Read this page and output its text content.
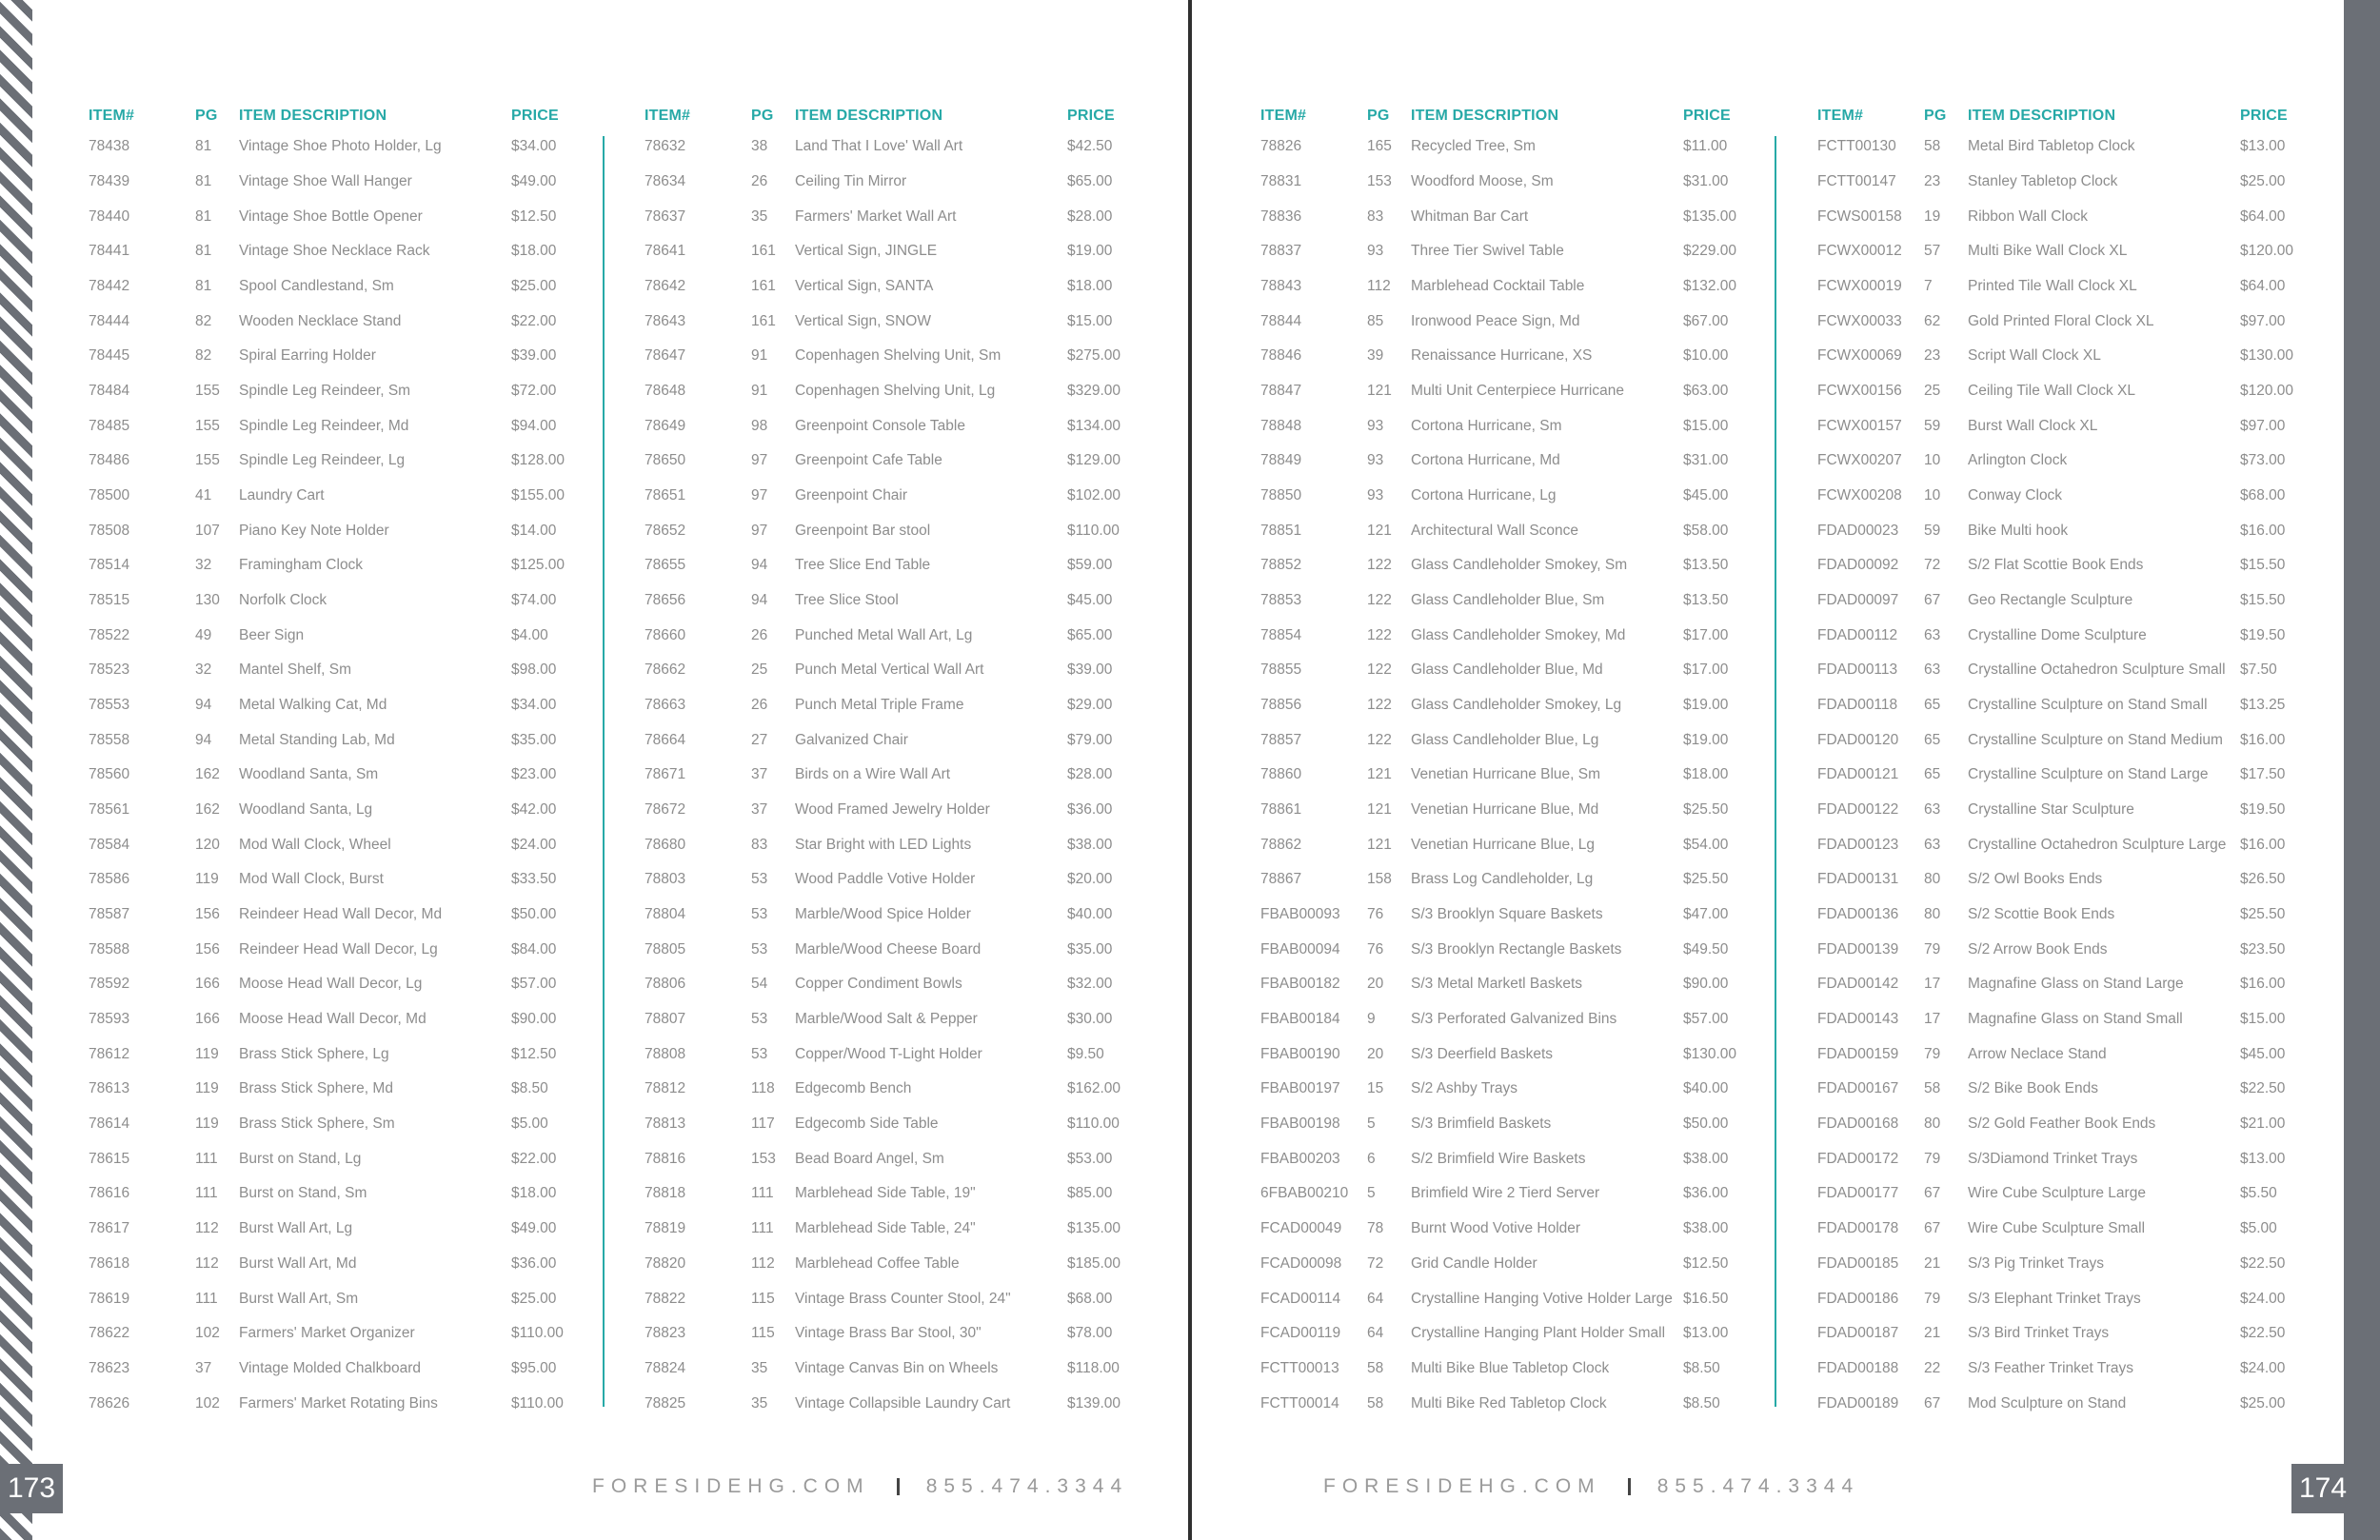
ITEM#	PG	ITEM DESCRIPTION	PRICE
78438	81	Vintage Shoe Photo Holder, Lg	$34.00
78439	81	Vintage Shoe Wall Hanger	$49.00
78440	81	Vintage Shoe Bottle Opener	$12.50
78441	81	Vintage Shoe Necklace Rack	$18.00
78442	81	Spool Candlestand, Sm	$25.00
78444	82	Wooden Necklace Stand	$22.00
78445	82	Spiral Earring Holder	$39.00
78484	155	Spindle Leg Reindeer, Sm	$72.00
78485	155	Spindle Leg Reindeer, Md	$94.00
78486	155	Spindle Leg Reindeer, Lg	$128.00
78500	41	Laundry Cart	$155.00
78508	107	Piano Key Note Holder	$14.00
78514	32	Framingham Clock	$125.00
78515	130	Norfolk Clock	$74.00
78522	49	Beer Sign	$4.00
78523	32	Mantel Shelf, Sm	$98.00
78553	94	Metal Walking Cat, Md	$34.00
78558	94	Metal Standing Lab, Md	$35.00
78560	162	Woodland Santa, Sm	$23.00
78561	162	Woodland Santa, Lg	$42.00
78584	120	Mod Wall Clock, Wheel	$24.00
78586	119	Mod Wall Clock, Burst	$33.50
78587	156	Reindeer Head Wall Decor, Md	$50.00
78588	156	Reindeer Head Wall Decor, Lg	$84.00
78592	166	Moose Head Wall Decor, Lg	$57.00
78593	166	Moose Head Wall Decor, Md	$90.00
78612	119	Brass Stick Sphere, Lg	$12.50
78613	119	Brass Stick Sphere, Md	$8.50
78614	119	Brass Stick Sphere, Sm	$5.00
78615	111	Burst on Stand, Lg	$22.00
78616	111	Burst on Stand, Sm	$18.00
78617	112	Burst Wall Art, Lg	$49.00
78618	112	Burst Wall Art, Md	$36.00
78619	111	Burst Wall Art, Sm	$25.00
78622	102	Farmers' Market Organizer	$110.00
78623	37	Vintage Molded Chalkboard	$95.00
78626	102	Farmers' Market Rotating Bins	$110.00
ITEM#	PG	ITEM DESCRIPTION	PRICE
78632	38	Land That I Love' Wall Art	$42.50
78634	26	Ceiling Tin Mirror	$65.00
78637	35	Farmers' Market Wall Art	$28.00
78641	161	Vertical Sign, JINGLE	$19.00
78642	161	Vertical Sign, SANTA	$18.00
78643	161	Vertical Sign, SNOW	$15.00
78647	91	Copenhagen Shelving Unit, Sm	$275.00
78648	91	Copenhagen Shelving Unit, Lg	$329.00
78649	98	Greenpoint Console Table	$134.00
78650	97	Greenpoint Cafe Table	$129.00
78651	97	Greenpoint Chair	$102.00
78652	97	Greenpoint Bar stool	$110.00
78655	94	Tree Slice End Table	$59.00
78656	94	Tree Slice Stool	$45.00
78660	26	Punched Metal Wall Art, Lg	$65.00
78662	25	Punch Metal Vertical Wall Art	$39.00
78663	26	Punch Metal Triple Frame	$29.00
78664	27	Galvanized Chair	$79.00
78671	37	Birds on a Wire Wall Art	$28.00
78672	37	Wood Framed Jewelry Holder	$36.00
78680	83	Star Bright with LED Lights	$38.00
78803	53	Wood Paddle Votive Holder	$20.00
78804	53	Marble/Wood Spice Holder	$40.00
78805	53	Marble/Wood Cheese Board	$35.00
78806	54	Copper Condiment Bowls	$32.00
78807	53	Marble/Wood Salt & Pepper	$30.00
78808	53	Copper/Wood T-Light Holder	$9.50
78812	118	Edgecomb Bench	$162.00
78813	117	Edgecomb Side Table	$110.00
78816	153	Bead Board Angel, Sm	$53.00
78818	111	Marblehead Side Table, 19"	$85.00
78819	111	Marblehead Side Table, 24"	$135.00
78820	112	Marblehead Coffee Table	$185.00
78822	115	Vintage Brass Counter Stool, 24"	$68.00
78823	115	Vintage Brass Bar Stool, 30"	$78.00
78824	35	Vintage Canvas Bin on Wheels	$118.00
78825	35	Vintage Collapsible Laundry Cart	$139.00
173	FORESIDEHG.COM	855.474.3344
ITEM#	PG	ITEM DESCRIPTION	PRICE
78826	165	Recycled Tree, Sm	$11.00
78831	153	Woodford Moose, Sm	$31.00
78836	83	Whitman Bar Cart	$135.00
78837	93	Three Tier Swivel Table	$229.00
78843	112	Marblehead Cocktail Table	$132.00
78844	85	Ironwood Peace Sign, Md	$67.00
78846	39	Renaissance Hurricane, XS	$10.00
78847	121	Multi Unit Centerpiece Hurricane	$63.00
78848	93	Cortona Hurricane, Sm	$15.00
78849	93	Cortona Hurricane, Md	$31.00
78850	93	Cortona Hurricane, Lg	$45.00
78851	121	Architectural Wall Sconce	$58.00
78852	122	Glass Candleholder Smokey, Sm	$13.50
78853	122	Glass Candleholder Blue, Sm	$13.50
78854	122	Glass Candleholder Smokey, Md	$17.00
78855	122	Glass Candleholder Blue, Md	$17.00
78856	122	Glass Candleholder Smokey, Lg	$19.00
78857	122	Glass Candleholder Blue, Lg	$19.00
78860	121	Venetian Hurricane Blue, Sm	$18.00
78861	121	Venetian Hurricane Blue, Md	$25.50
78862	121	Venetian Hurricane Blue, Lg	$54.00
78867	158	Brass Log Candleholder, Lg	$25.50
FBAB00093	76	S/3 Brooklyn Square Baskets	$47.00
FBAB00094	76	S/3 Brooklyn Rectangle Baskets	$49.50
FBAB00182	20	S/3 Metal Marketl Baskets	$90.00
FBAB00184	9	S/3 Perforated Galvanized Bins	$57.00
FBAB00190	20	S/3 Deerfield Baskets	$130.00
FBAB00197	15	S/2 Ashby Trays	$40.00
FBAB00198	5	S/3 Brimfield Baskets	$50.00
FBAB00203	6	S/2 Brimfield Wire Baskets	$38.00
6FBAB00210	5	Brimfield Wire 2 Tierd Server	$36.00
FCAD00049	78	Burnt Wood Votive Holder	$38.00
FCAD00098	72	Grid Candle Holder	$12.50
FCAD00114	64	Crystalline Hanging Votive Holder Large $16.50
FCAD00119	64	Crystalline Hanging Plant Holder Small	$13.00
FCTT00013	58	Multi Bike Blue Tabletop Clock	$8.50
FCTT00014	58	Multi Bike Red Tabletop Clock	$8.50
ITEM#	PG	ITEM DESCRIPTION	PRICE
FCTT00130	58	Metal Bird Tabletop Clock	$13.00
FCTT00147	23	Stanley Tabletop Clock	$25.00
FCWS00158	19	Ribbon Wall Clock	$64.00
FCWX00012	57	Multi Bike Wall Clock XL	$120.00
FCWX00019	7	Printed Tile Wall Clock XL	$64.00
FCWX00033	62	Gold Printed Floral Clock XL	$97.00
FCWX00069	23	Script Wall Clock XL	$130.00
FCWX00156	25	Ceiling Tile Wall Clock XL	$120.00
FCWX00157	59	Burst Wall Clock XL	$97.00
FCWX00207	10	Arlington Clock	$73.00
FCWX00208	10	Conway Clock	$68.00
FDAD00023	59	Bike Multi hook	$16.00
FDAD00092	72	S/2 Flat Scottie Book Ends	$15.50
FDAD00097	67	Geo Rectangle Sculpture	$15.50
FDAD00112	63	Crystalline Dome Sculpture	$19.50
FDAD00113	63	Crystalline Octahedron Sculpture Small $7.50
FDAD00118	65	Crystalline Sculpture on Stand Small	$13.25
FDAD00120	65	Crystalline Sculpture on Stand Medium	$16.00
FDAD00121	65	Crystalline Sculpture on Stand Large	$17.50
FDAD00122	63	Crystalline Star Sculpture	$19.50
FDAD00123	63	Crystalline Octahedron Sculpture Large $16.00
FDAD00131	80	S/2 Owl Books Ends	$26.50
FDAD00136	80	S/2 Scottie Book Ends	$25.50
FDAD00139	79	S/2 Arrow Book Ends	$23.50
FDAD00142	17	Magnafine Glass on Stand Large	$16.00
FDAD00143	17	Magnafine Glass on Stand Small	$15.00
FDAD00159	79	Arrow Neclace Stand	$45.00
FDAD00167	58	S/2 Bike Book Ends	$22.50
FDAD00168	80	S/2 Gold Feather Book Ends	$21.00
FDAD00172	79	S/3Diamond Trinket Trays	$13.00
FDAD00177	67	Wire Cube Sculpture Large	$5.50
FDAD00178	67	Wire Cube Sculpture Small	$5.00
FDAD00185	21	S/3 Pig Trinket Trays	$22.50
FDAD00186	79	S/3 Elephant Trinket Trays	$24.00
FDAD00187	21	S/3 Bird Trinket Trays	$22.50
FDAD00188	22	S/3 Feather Trinket Trays	$24.00
FDAD00189	67	Mod Sculpture on Stand	$25.00
174
FORESIDEHG.COM	855.474.3344
